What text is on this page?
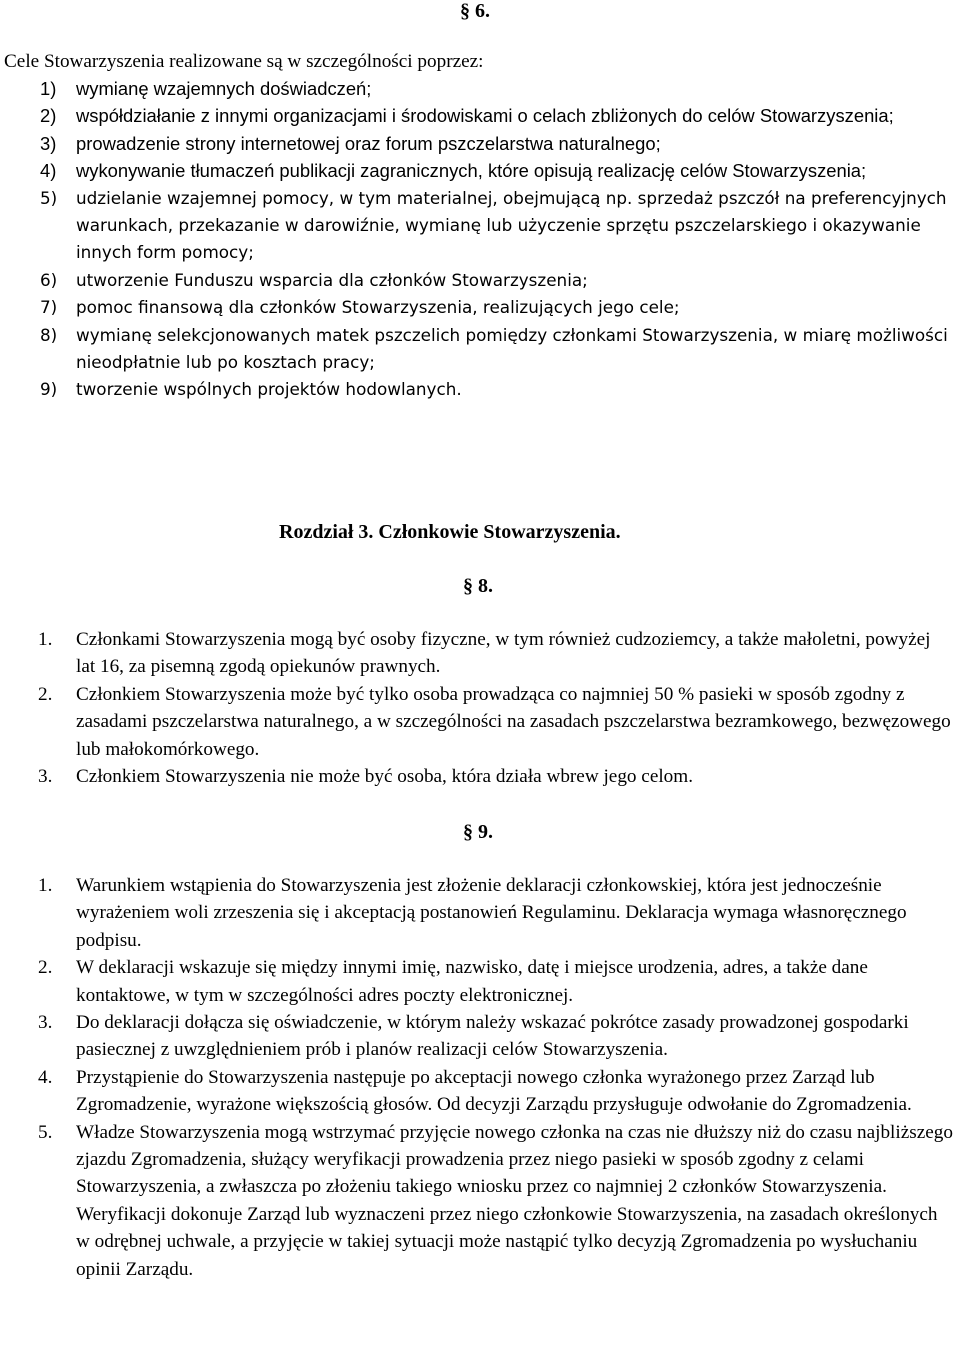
§ 6.
Cele Stowarzyszenia realizowane są w szczególności poprzez:
1) wymianę wzajemnych doświadczeń;
2) współdziałanie z innymi organizacjami i środowiskami o celach zbliżonych do celów Stowarzyszenia;
3) prowadzenie strony internetowej oraz forum pszczelarstwa naturalnego;
4) wykonywanie tłumaczeń publikacji zagranicznych, które opisują realizację celów Stowarzyszenia;
5) udzielanie wzajemnej pomocy, w tym materialnej, obejmującą np. sprzedaż pszczół na preferencyjnych warunkach, przekazanie w darowiźnie, wymianę lub użyczenie sprzętu pszczelarskiego i okazywanie innych form pomocy;
6) utworzenie Funduszu wsparcia dla członków Stowarzyszenia;
7) pomoc finansową dla członków Stowarzyszenia, realizujących jego cele;
8) wymianę selekcjonowanych matek pszczelich pomiędzy członkami Stowarzyszenia, w miarę możliwości nieodpłatnie lub po kosztach pracy;
9) tworzenie wspólnych projektów hodowlanych.
Rozdział 3. Członkowie Stowarzyszenia.
§ 8.
1. Członkami Stowarzyszenia mogą być osoby fizyczne, w tym również cudzoziemcy, a także małoletni, powyżej lat 16, za pisemną zgodą opiekunów prawnych.
2. Członkiem Stowarzyszenia może być tylko osoba prowadząca co najmniej 50 % pasieki w sposób zgodny z zasadami pszczelarstwa naturalnego, a w szczególności na zasadach pszczelarstwa bezramkowego, bezwęzowego lub małokomórkowego.
3. Członkiem Stowarzyszenia nie może być osoba, która działa wbrew jego celom.
§ 9.
1. Warunkiem wstąpienia do Stowarzyszenia jest złożenie deklaracji członkowskiej, która jest jednocześnie wyrażeniem woli zrzeszenia się i akceptacją postanowień Regulaminu. Deklaracja wymaga własnoręcznego podpisu.
2. W deklaracji wskazuje się między innymi imię, nazwisko, datę i miejsce urodzenia, adres, a także dane kontaktowe, w tym w szczególności adres poczty elektronicznej.
3. Do deklaracji dołącza się oświadczenie, w którym należy wskazać pokrótce zasady prowadzonej gospodarki pasiecznej z uwzględnieniem prób i planów realizacji celów Stowarzyszenia.
4. Przystąpienie do Stowarzyszenia następuje po akceptacji nowego członka wyrażonego przez Zarząd lub Zgromadzenie, wyrażone większością głosów. Od decyzji Zarządu przysługuje odwołanie do Zgromadzenia.
5. Władze Stowarzyszenia mogą wstrzymać przyjęcie nowego członka na czas nie dłuższy niż do czasu najbliższego zjazdu Zgromadzenia, służący weryfikacji prowadzenia przez niego pasieki w sposób zgodny z celami Stowarzyszenia, a zwłaszcza po złożeniu takiego wniosku przez co najmniej 2 członków Stowarzyszenia. Weryfikacji dokonuje Zarząd lub wyznaczeni przez niego członkowie Stowarzyszenia, na zasadach określonych w odrębnej uchwale, a przyjęcie w takiej sytuacji może nastąpić tylko decyzją Zgromadzenia po wysłuchaniu opinii Zarządu.
